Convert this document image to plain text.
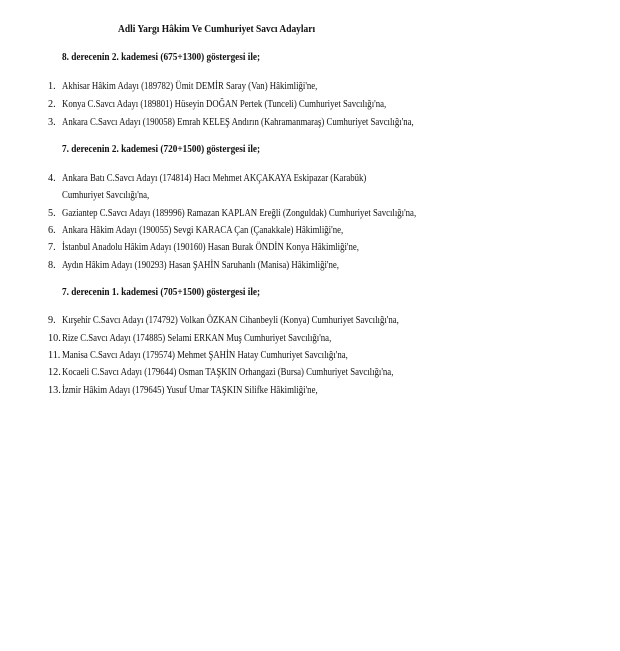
Adli Yargı Hâkim Ve Cumhuriyet Savcı Adayları
8. derecenin 2. kademesi (675+1300) göstergesi ile;
1. Akhisar Hâkim Adayı (189782) Ümit DEMİR Saray (Van) Hâkimliği'ne,
2. Konya C.Savcı Adayı (189801) Hüseyin DOĞAN Pertek (Tunceli) Cumhuriyet Savcılığı'na,
3. Ankara C.Savcı Adayı (190058) Emrah KELEŞ Andırın (Kahramanmaraş) Cumhuriyet Savcılığı'na,
7. derecenin 2. kademesi (720+1500) göstergesi ile;
4. Ankara Batı C.Savcı Adayı (174814) Hacı Mehmet AKÇAKAYA Eskipazar (Karabük) Cumhuriyet Savcılığı'na,
5. Gaziantep C.Savcı Adayı (189996) Ramazan KAPLAN Ereğli (Zonguldak) Cumhuriyet Savcılığı'na,
6. Ankara Hâkim Adayı (190055) Sevgi KARACA Çan (Çanakkale) Hâkimliği'ne,
7. İstanbul Anadolu Hâkim Adayı (190160) Hasan Burak ÖNDİN Konya Hâkimliği'ne,
8. Aydın Hâkim Adayı (190293) Hasan ŞAHİN Saruhanlı (Manisa) Hâkimliği'ne,
7. derecenin 1. kademesi (705+1500) göstergesi ile;
9. Kırşehir C.Savcı Adayı (174792) Volkan ÖZKAN Cihanbeyli (Konya) Cumhuriyet Savcılığı'na,
10. Rize C.Savcı Adayı (174885) Selami ERKAN Muş Cumhuriyet Savcılığı'na,
11. Manisa C.Savcı Adayı (179574) Mehmet ŞAHİN Hatay Cumhuriyet Savcılığı'na,
12. Kocaeli C.Savcı Adayı (179644) Osman TAŞKIN Orhangazi (Bursa) Cumhuriyet Savcılığı'na,
13. İzmir Hâkim Adayı (179645) Yusuf Umar TAŞKIN Silifke Hâkimliği'ne,
